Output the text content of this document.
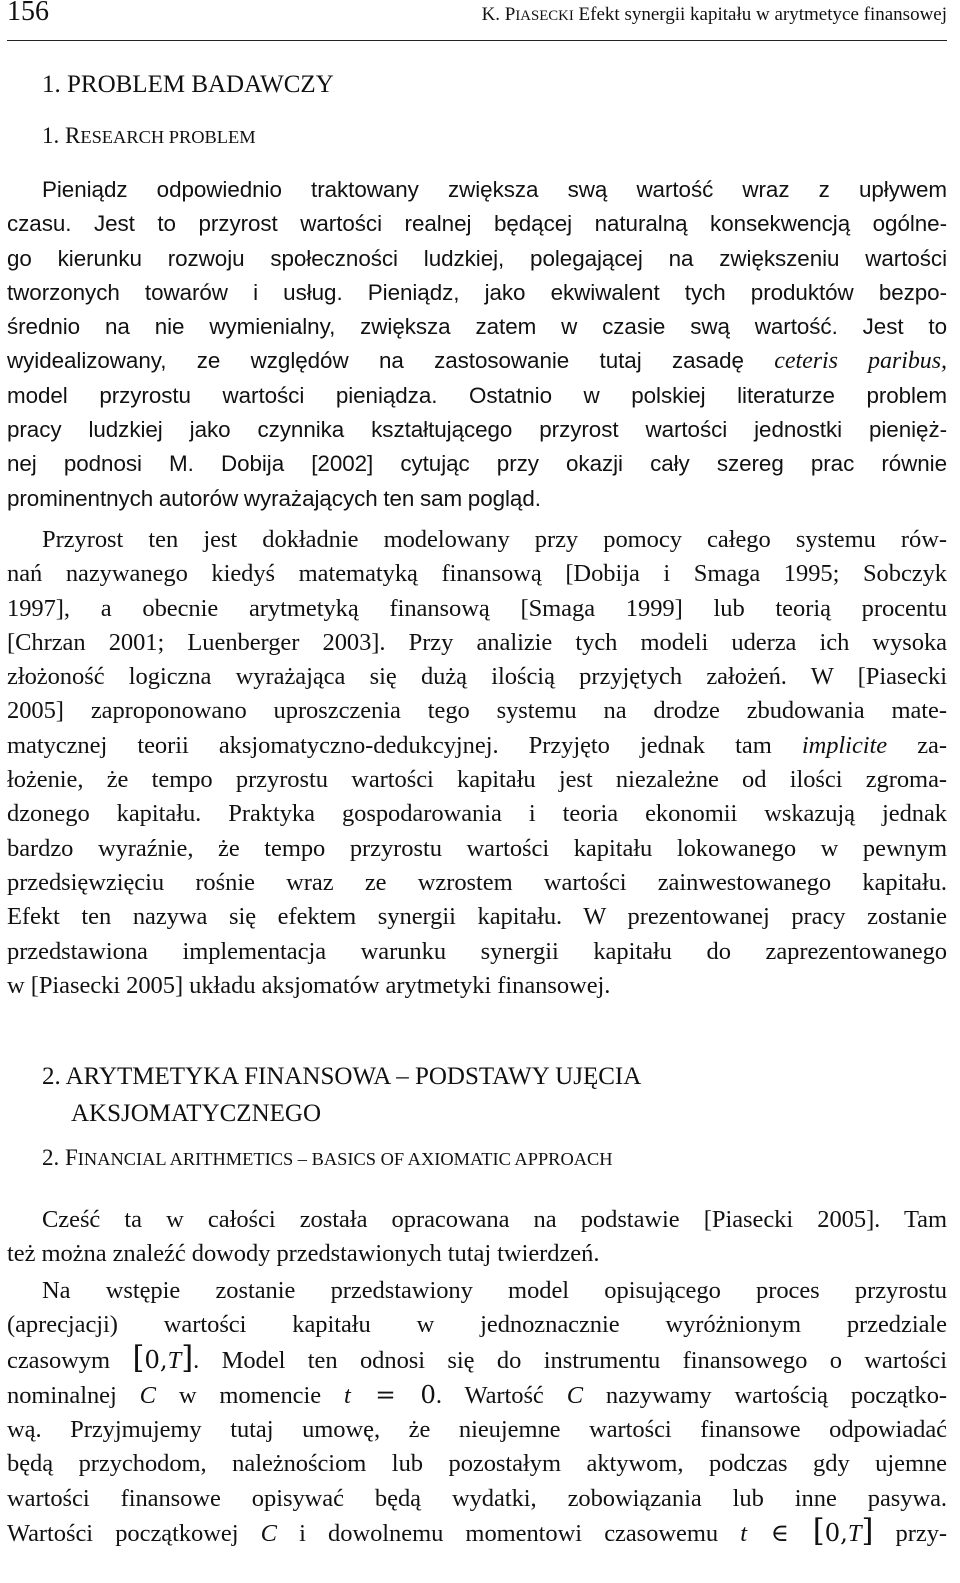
156	K. PIASECKI Efekt synergii kapitału w arytmetyce finansowej
1. PROBLEM BADAWCZY
1. RESEARCH PROBLEM
Pieniądz odpowiednio traktowany zwiększa swą wartość wraz z upływem
czasu. Jest to przyrost wartości realnej będącej naturalną konsekwencją ogólne-
go kierunku rozwoju społeczności ludzkiej, polegającej na zwiększeniu wartości
tworzonych towarów i usług. Pieniądz, jako ekwiwalent tych produktów bezpo-
średnio na nie wymienialny, zwiększa zatem w czasie swą wartość. Jest to
wyidealizowany, ze względów na zastosowanie tutaj zasadę ceteris paribus,
model przyrostu wartości pieniądza. Ostatnio w polskiej literaturze problem
pracy ludzkiej jako czynnika kształtującego przyrost wartości jednostki pienięż-
nej podnosi M. Dobija [2002] cytując przy okazji cały szereg prac równie
prominentnych autorów wyrażających ten sam pogląd.
Przyrost ten jest dokładnie modelowany przy pomocy całego systemu rów-
nań nazywanego kiedyś matematyką finansową [Dobija i Smaga 1995; Sobczyk
1997], a obecnie arytmetyką finansową [Smaga 1999] lub teorią procentu
[Chrzan 2001; Luenberger 2003]. Przy analizie tych modeli uderza ich wysoka
złożoność logiczna wyrażająca się dużą ilością przyjętych założeń. W [Piasecki
2005] zaproponowano uproszczenia tego systemu na drodze zbudowania mate-
matycznej teorii aksjomatyczno-dedukcyjnej. Przyjęto jednak tam implicite za-
łożenie, że tempo przyrostu wartości kapitału jest niezależne od ilości zgroma-
dzonego kapitału. Praktyka gospodarowania i teoria ekonomii wskazują jednak
bardzo wyraźnie, że tempo przyrostu wartości kapitału lokowanego w pewnym
przedsięwzięciu rośnie wraz ze wzrostem wartości zainwestowanego kapitału.
Efekt ten nazywa się efektem synergii kapitału. W prezentowanej pracy zostanie
przedstawiona implementacja warunku synergii kapitału do zaprezentowanego
w [Piasecki 2005] układu aksjomatów arytmetyki finansowej.
2. ARYTMETYKA FINANSOWA – PODSTAWY UJĘCIA
AKSJOMATYCZNEGO
2. FINANCIAL ARITHMETICS – BASICS OF AXIOMATIC APPROACH
Cześć ta w całości została opracowana na podstawie [Piasecki 2005]. Tam
też można znaleźć dowody przedstawionych tutaj twierdzeń.
Na wstępie zostanie przedstawiony model opisującego proces przyrostu
(aprecjacji) wartości kapitału w jednoznacznie wyróżnionym przedziale
czasowym [0,T]. Model ten odnosi się do instrumentu finansowego o wartości
nominalnej C w momencie t = 0. Wartość C nazywamy wartością początko-
wą. Przyjmujemy tutaj umowę, że nieujemne wartości finansowe odpowiadać
będą przychodom, należnościom lub pozostałym aktywom, podczas gdy ujemne
wartości finansowe opisywać będą wydatki, zobowiązania lub inne pasywa.
Wartości początkowej C i dowolnemu momentowi czasowemu t ∈ [0,T] przy-
